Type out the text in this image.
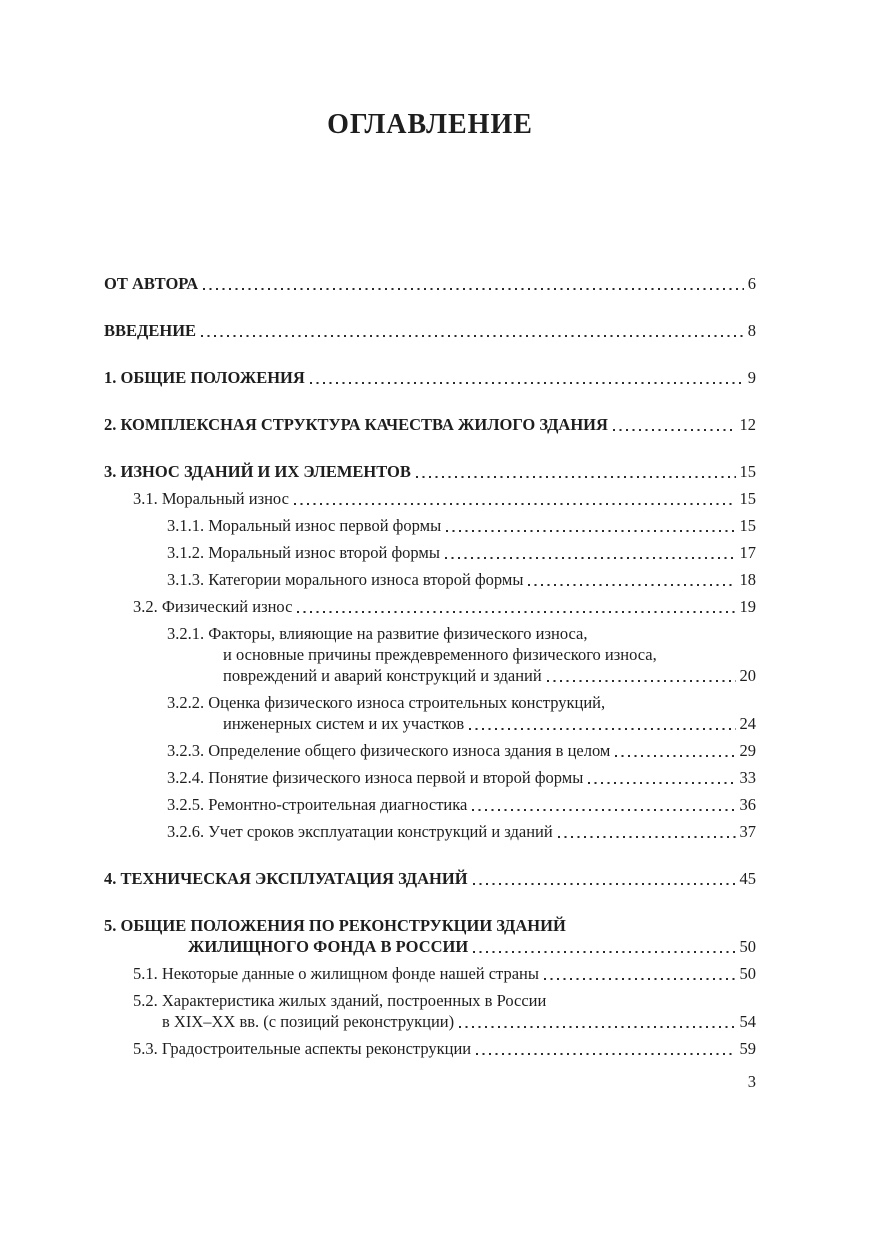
ОГЛАВЛЕНИЕ
ОТ АВТОРА	6
ВВЕДЕНИЕ	8
1. ОБЩИЕ ПОЛОЖЕНИЯ	9
2. КОМПЛЕКСНАЯ СТРУКТУРА КАЧЕСТВА ЖИЛОГО ЗДАНИЯ	12
3. ИЗНОС ЗДАНИЙ И ИХ ЭЛЕМЕНТОВ	15
3.1. Моральный износ	15
3.1.1. Моральный износ первой формы	15
3.1.2. Моральный износ второй формы	17
3.1.3. Категории морального износа второй формы	18
3.2. Физический износ	19
3.2.1. Факторы, влияющие на развитие физического износа,
и основные причины преждевременного физического износа,
повреждений и аварий конструкций и зданий	20
3.2.2. Оценка физического износа строительных конструкций,
инженерных систем и их участков	24
3.2.3. Определение общего физического износа здания в целом	29
3.2.4. Понятие физического износа первой и второй формы	33
3.2.5. Ремонтно-строительная диагностика	36
3.2.6. Учет сроков эксплуатации конструкций и зданий	37
4. ТЕХНИЧЕСКАЯ ЭКСПЛУАТАЦИЯ ЗДАНИЙ	45
5. ОБЩИЕ ПОЛОЖЕНИЯ ПО РЕКОНСТРУКЦИИ ЗДАНИЙ
ЖИЛИЩНОГО ФОНДА В РОССИИ	50
5.1. Некоторые данные о жилищном фонде нашей страны	50
5.2. Характеристика жилых зданий, построенных в России
в XIX–XX вв. (с позиций реконструкции)	54
5.3. Градостроительные аспекты реконструкции	59
3
